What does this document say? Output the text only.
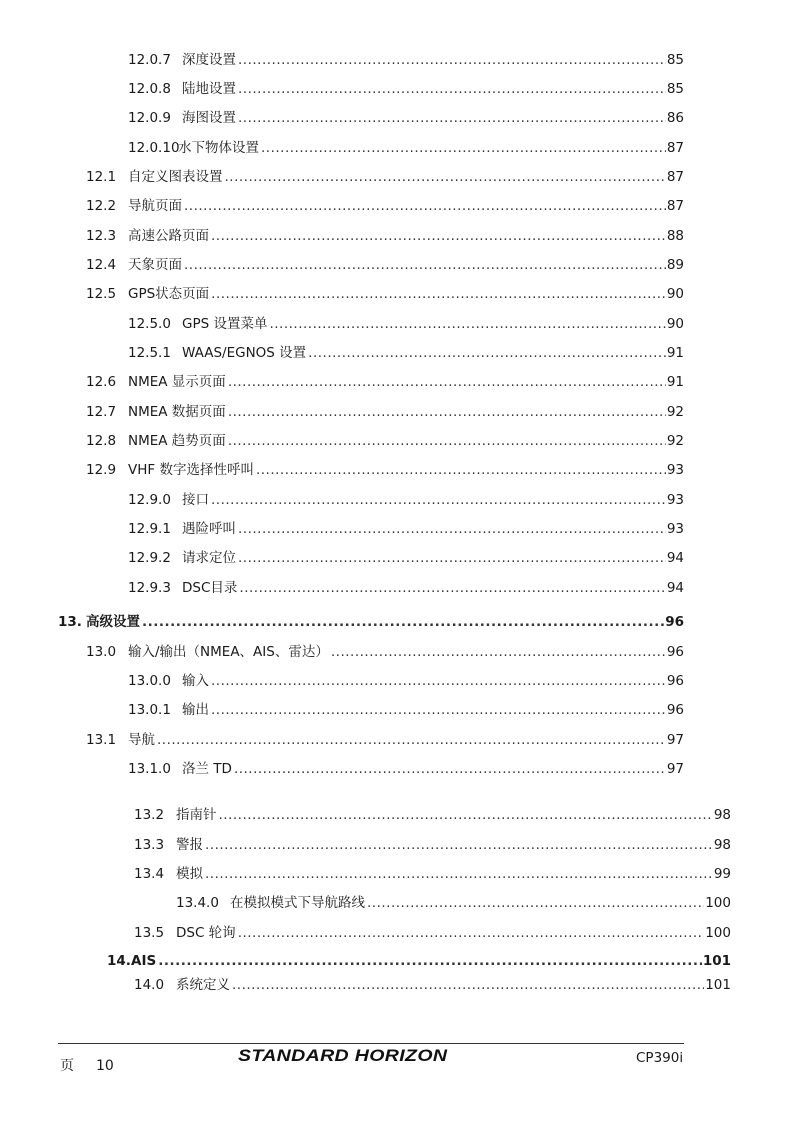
12.0.7 深度设置 .....	85
12.0.8 陆地设置 .....	85
12.0.9 海图设置 .....	86
12.0.10水下物体设置 .....	87
12.1 自定义图表设置 .....	87
12.2 导航页面 .....	87
12.3 高速公路页面 .....	88
12.4 天象页面 .....	89
12.5 GPS状态页面 .....	90
12.5.0 GPS 设置菜单 .....	90
12.5.1 WAAS/EGNOS 设置 .....	91
12.6 NMEA 显示页面 .....	91
12.7 NMEA 数据页面 .....	92
12.8 NMEA 趋势页面 .....	92
12.9 VHF 数字选择性呼叫 .....	93
12.9.0 接口 .....	93
12.9.1 遇险呼叫 .....	93
12.9.2 请求定位 .....	94
12.9.3 DSC目录 .....	94
13. 高级设置 .....	96
13.0 输入/输出（NMEA、AIS、雷达） .....	96
13.0.0 输入 .....	96
13.0.1 输出 .....	96
13.1 导航 .....	97
13.1.0 洛兰 TD .....	97
13.2 指南针 .....	98
13.3 警报 .....	98
13.4 模拟 .....	99
13.4.0 在模拟模式下导航路线 .....	100
13.5 DSC 轮询 .....	100
14.AIS .....	101
14.0 系统定义 .....	101
页 10
STANDARD HORIZON	CP390i
